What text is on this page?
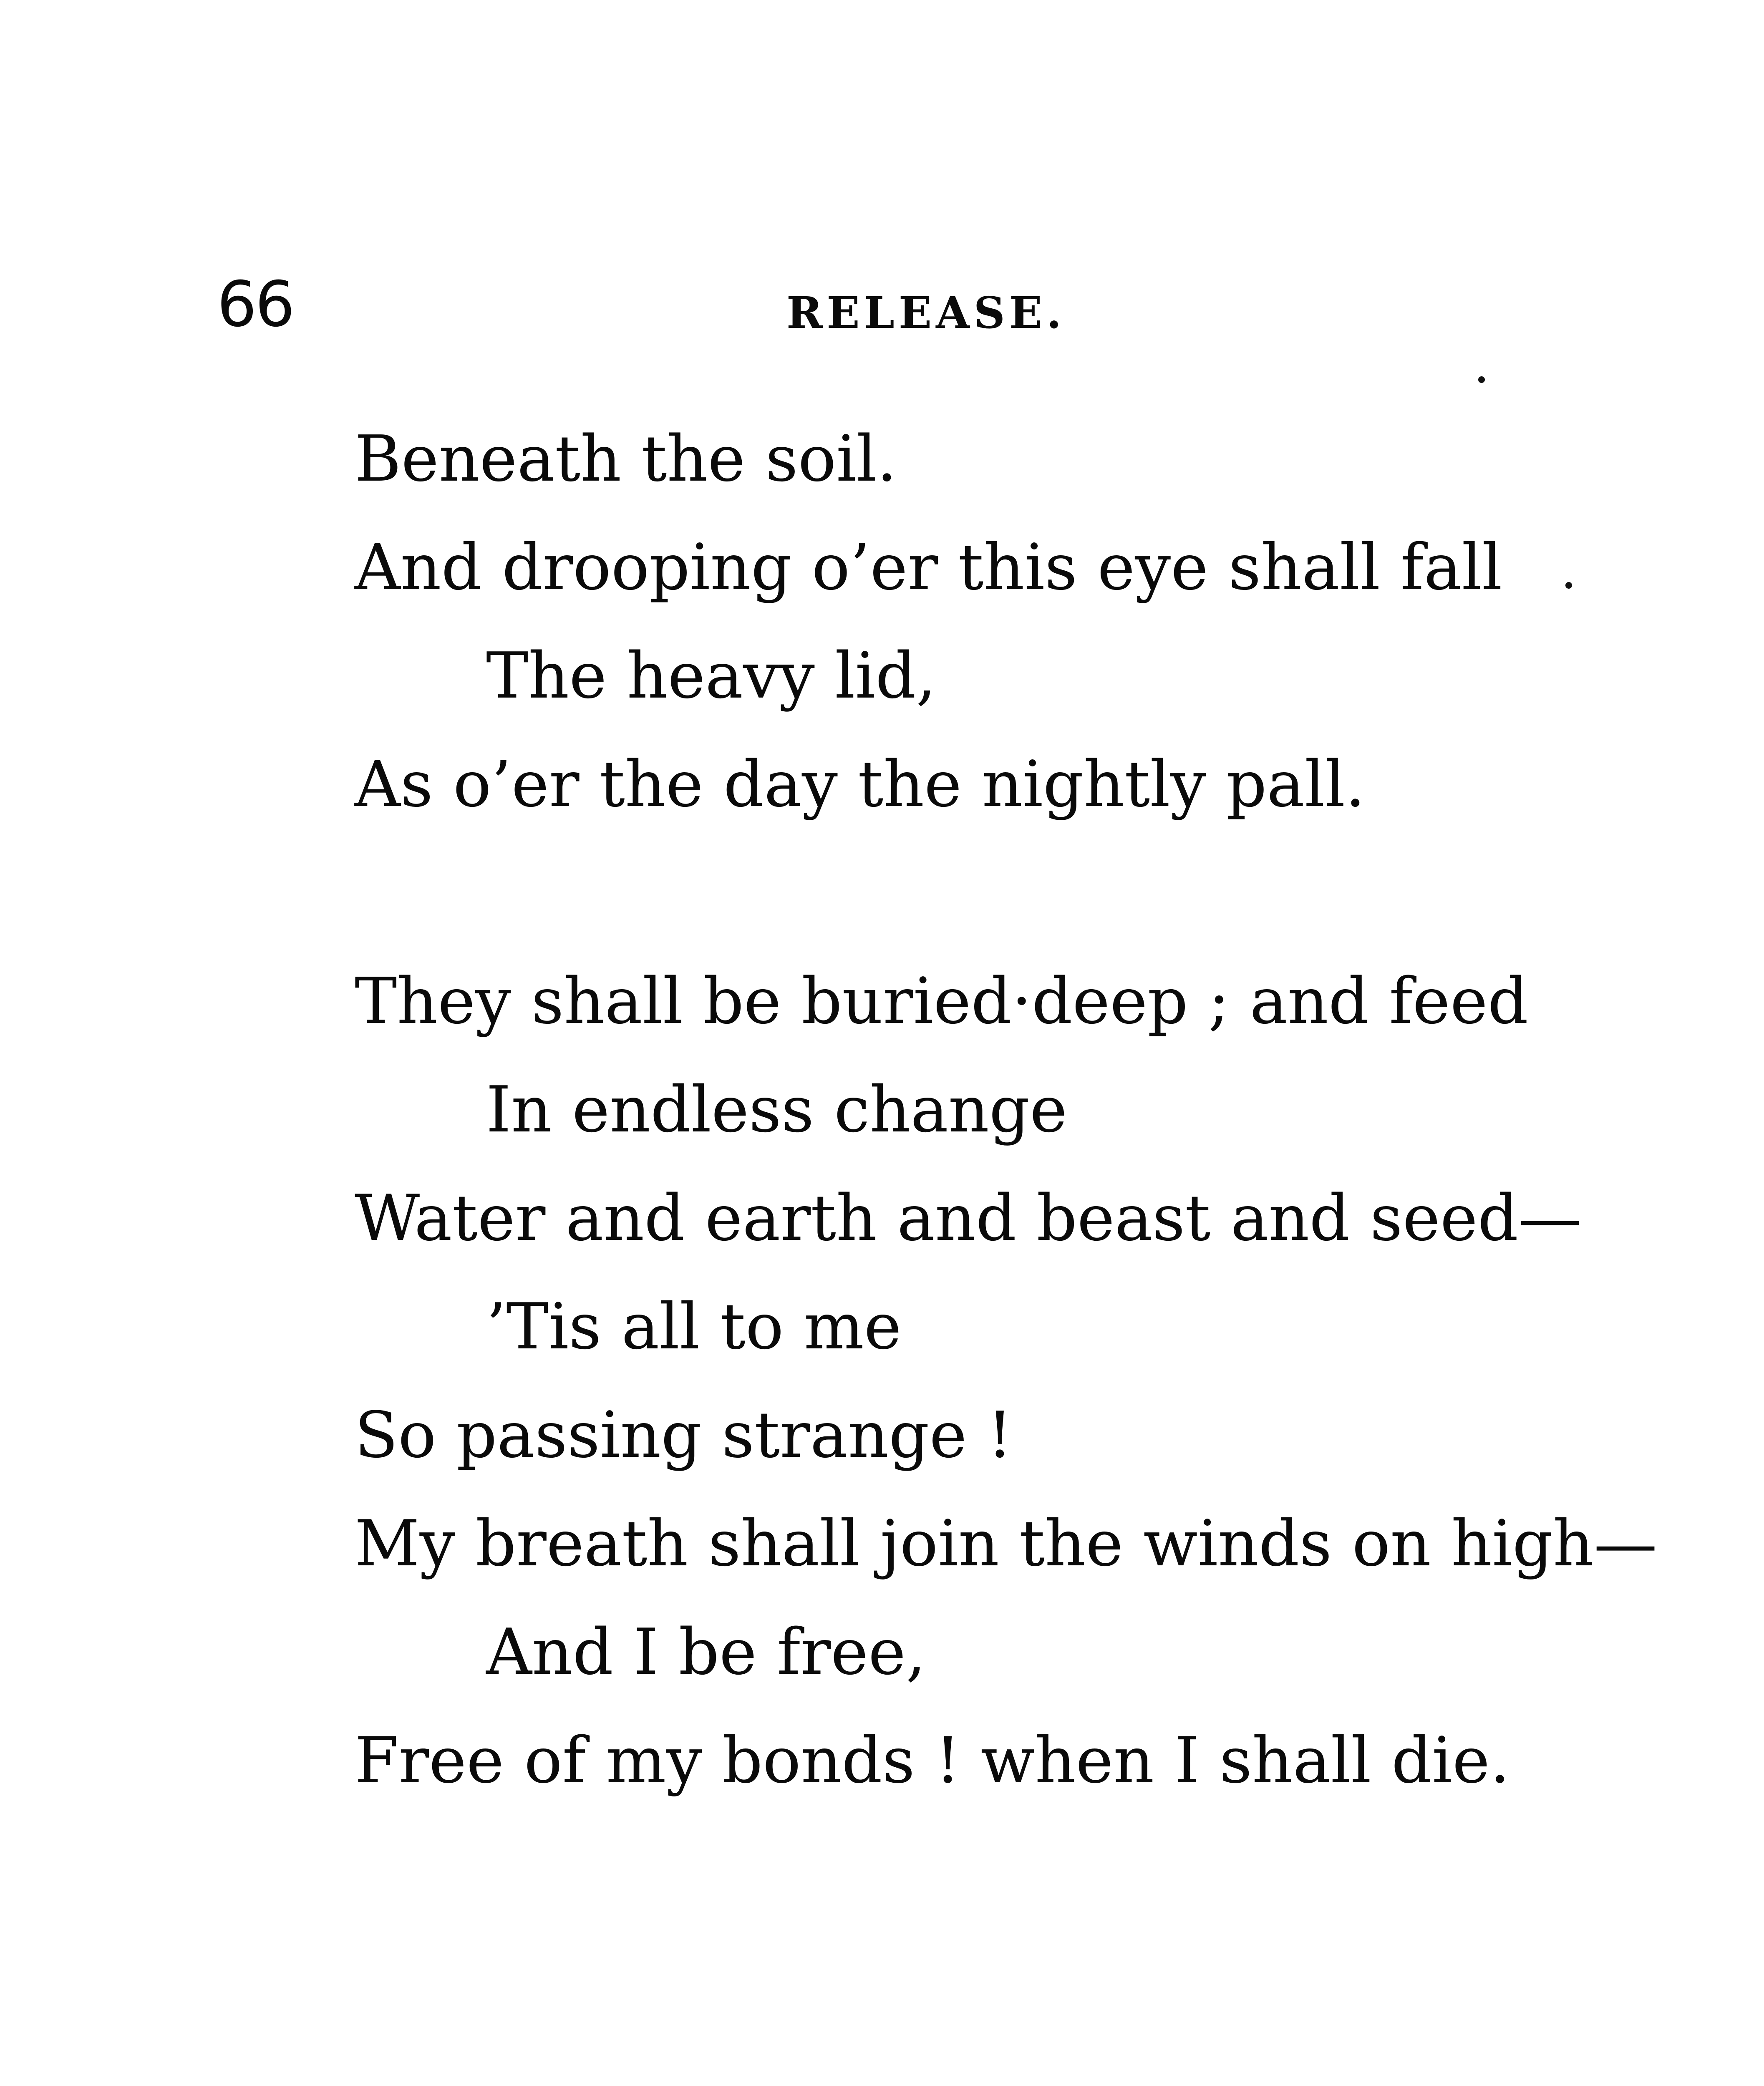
66	RELEASE.
Beneath the soil.
And drooping o’er this eye shall fall
The heavy lid,
As o’er the day the nightly pall.
They shall be buried·deep ; and feed
In endless change
Water and earth and beast and seed—
’Tis all to me
So passing strange !
My breath shall join the winds on high—
And I be free,
Free of my bonds ! when I shall die.
